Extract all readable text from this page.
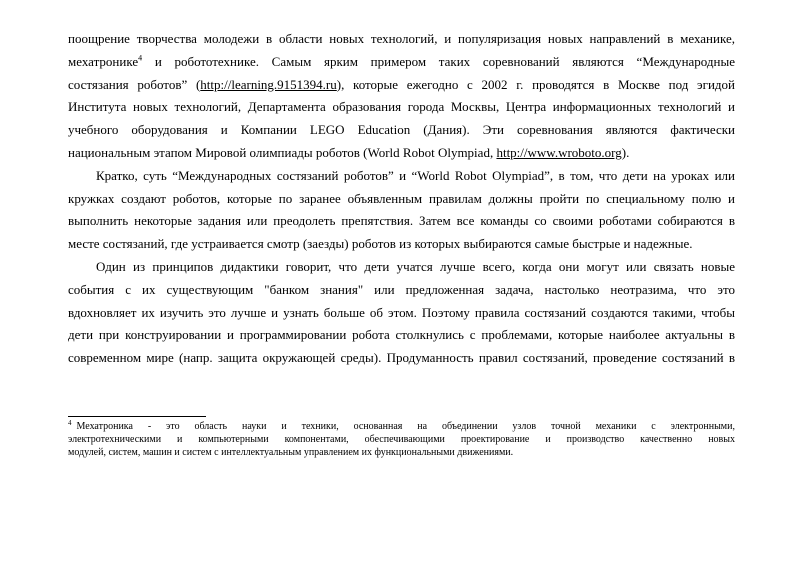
поощрение творчества молодежи в области новых технологий, и популяризация новых направлений в механике,
мехатронике$^4$ и робототехнике. Самым ярким примером таких соревнований являются “Международные
состязания роботов” (http://learning.9151394.ru), которые ежегодно с 2002 г. проводятся в Москве под эгидой
Института новых технологий, Департамента образования города Москвы, Центра информационных технологий и
учебного оборудования и Компании LEGO Education (Дания). Эти соревнования являются фактически
национальным этапом Мировой олимпиады роботов (World Robot Olympiad, http://www.wroboto.org).
Кратко, суть “Международных состязаний роботов” и “World Robot Olympiad”, в том, что дети на уроках или
кружках создают роботов, которые по заранее объявленным правилам должны пройти по специальному полю и
выполнить некоторые задания или преодолеть препятствия. Затем все команды со своими роботами собираются в
месте состязаний, где устраивается смотр (заезды) роботов из которых выбираются самые быстрые и надежные.
Один из принципов дидактики говорит, что дети учатся лучше всего, когда они могут или связать новые
события с их существующим "банком знания" или предложенная задача, настолько неотразима, что это
вдохновляет их изучить это лучше и узнать больше об этом. Поэтому правила состязаний создаются такими, чтобы
дети при конструировании и программировании робота столкнулись с проблемами, которые наиболее актуальны в
современном мире (напр. защита окружающей среды). Продуманность правил состязаний, проведение состязаний в
$^4$ Мехатроника - это область науки и техники, основанная на объединении узлов точной механики с электронными,
электротехническими и компьютерными компонентами, обеспечивающими проектирование и производство качественно новых
модулей, систем, машин и систем с интеллектуальным управлением их функциональными движениями.
